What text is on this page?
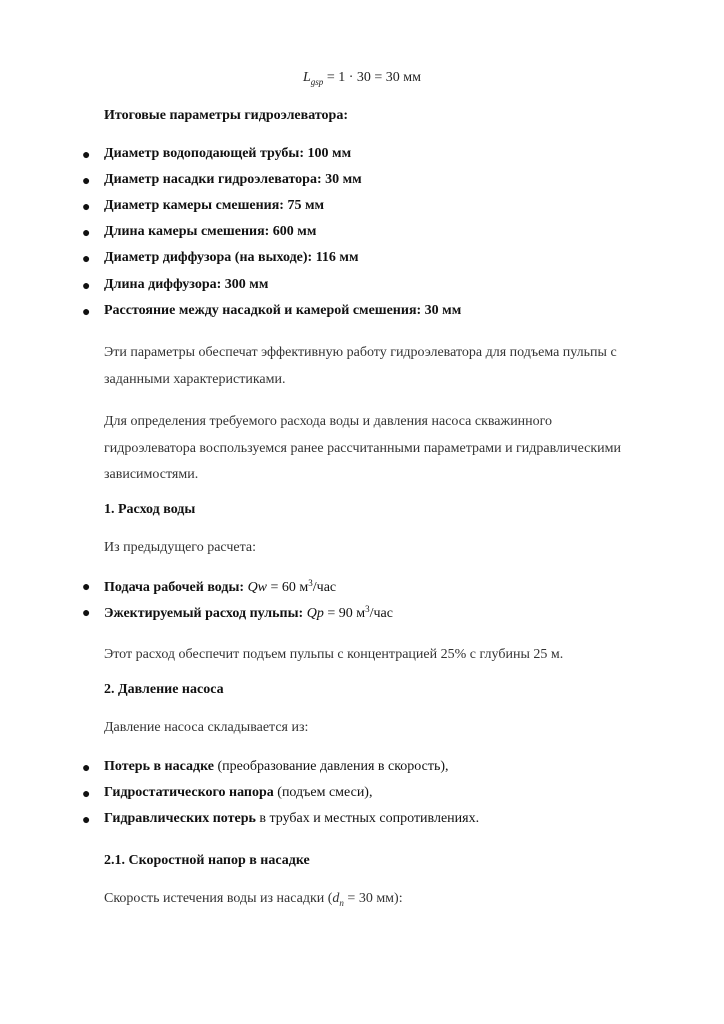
$L_{gsp} = 1 \cdot 30 = 30$ мм
Итоговые параметры гидроэлеватора:
● Диаметр водоподающей трубы: 100 мм
● Диаметр насадки гидроэлеватора: 30 мм
● Диаметр камеры смешения: 75 мм
● Длина камеры смешения: 600 мм
● Диаметр диффузора (на выходе): 116 мм
● Длина диффузора: 300 мм
● Расстояние между насадкой и камерой смешения: 30 мм
Эти параметры обеспечат эффективную работу гидроэлеватора для подъема пульпы с
заданными характеристиками.
Для определения требуемого расхода воды и давления насоса скважинного
гидроэлеватора воспользуемся ранее рассчитанными параметрами и гидравлическими
зависимостями.
1. Расход воды
Из предыдущего расчета:
● Подача рабочей воды: Qw = 60 $м^3$/час
● Эжектируемый расход пульпы: Qp = 90 $м^3$/час
Этот расход обеспечит подъем пульпы с концентрацией 25% с глубины 25 м.
2. Давление насоса
Давление насоса складывается из:
● Потерь в насадке (преобразование давления в скорость),
● Гидростатического напора (подъем смеси),
● Гидравлических потерь в трубах и местных сопротивлениях.
2.1. Скоростной напор в насадке
Скорость истечения воды из насадки ($d_n = 30$ мм):
